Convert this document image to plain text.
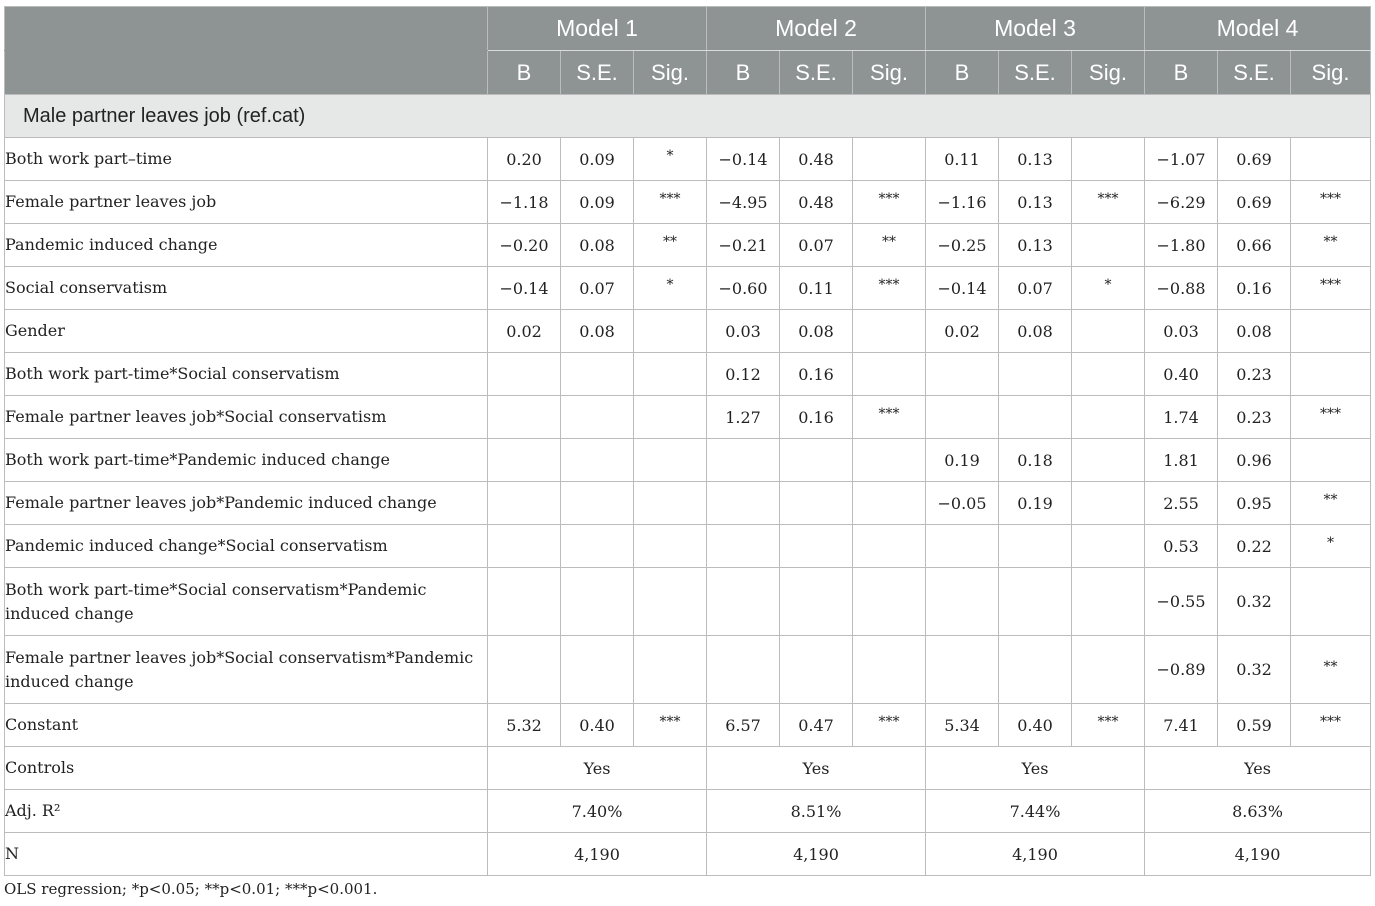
	Model 1			Model 2			Model 3			Model 4		
	B	S.E.	Sig.	B	S.E.	Sig.	B	S.E.	Sig.	B	S.E.	Sig.
Male partner leaves job (ref.cat)												
Both work part–time	0.20	0.09	*	−0.14	0.48		0.11	0.13		−1.07	0.69	
Female partner leaves job	−1.18	0.09	***	−4.95	0.48	***	−1.16	0.13	***	−6.29	0.69	***
Pandemic induced change	−0.20	0.08	**	−0.21	0.07	**	−0.25	0.13		−1.80	0.66	**
Social conservatism	−0.14	0.07	*	−0.60	0.11	***	−0.14	0.07	*	−0.88	0.16	***
Gender	0.02	0.08		0.03	0.08		0.02	0.08		0.03	0.08	
Both work part-time*Social conservatism				0.12	0.16					0.40	0.23	
Female partner leaves job*Social conservatism				1.27	0.16	***				1.74	0.23	***
Both work part-time*Pandemic induced change							0.19	0.18		1.81	0.96	
Female partner leaves job*Pandemic induced change							−0.05	0.19		2.55	0.95	**
Pandemic induced change*Social conservatism										0.53	0.22	*
Both work part-time*Social conservatism*Pandemic induced change										−0.55	0.32	
Female partner leaves job*Social conservatism*Pandemic induced change										−0.89	0.32	**
Constant	5.32	0.40	***	6.57	0.47	***	5.34	0.40	***	7.41	0.59	***
Controls	Yes			Yes			Yes			Yes		
Adj. R²	7.40%			8.51%			7.44%			8.63%		
N	4,190			4,190			4,190			4,190		
OLS regression; *p<0.05; **p<0.01; ***p<0.001.
